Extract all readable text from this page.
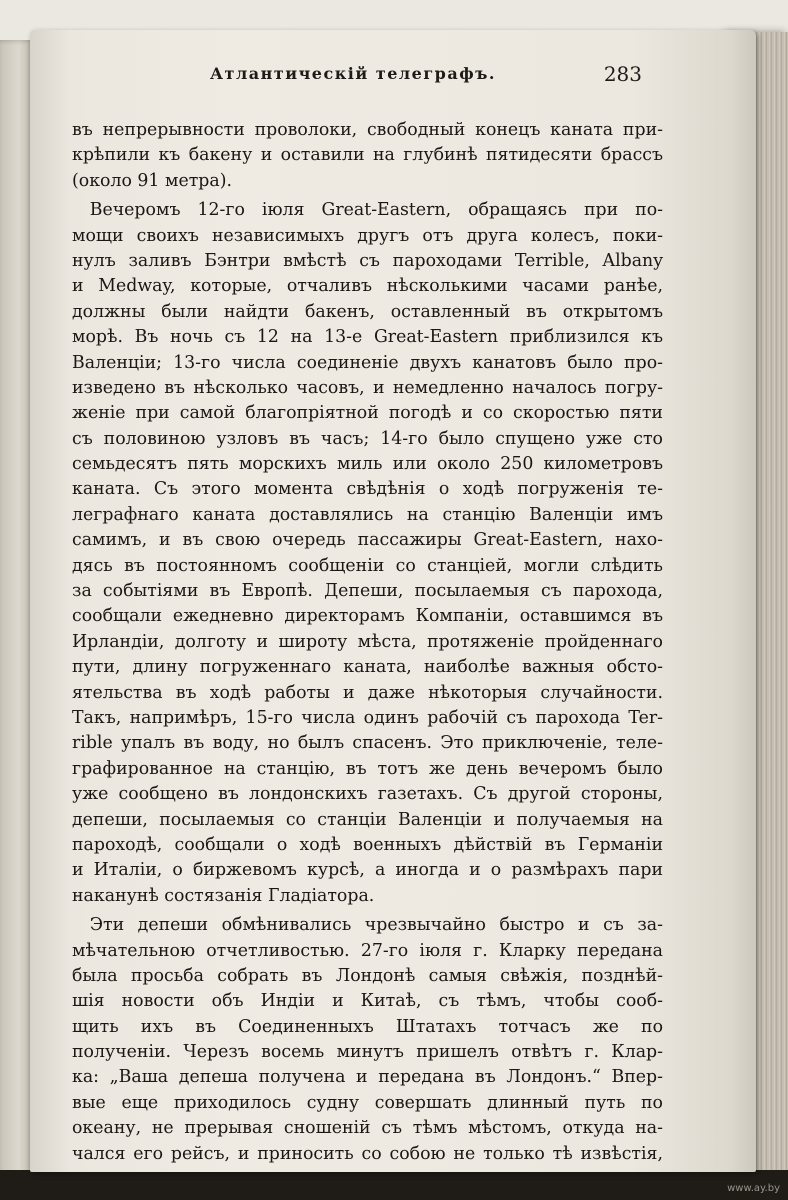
Атлантическій телеграфъ.	283
въ непрерывности проволоки, свободный конецъ каната при-
крѣпили къ бакену и оставили на глубинѣ пятидесяти брассъ
(около 91 метра).
Вечеромъ 12-го іюля Great-Eastern, обращаясь при по-
мощи своихъ независимыхъ другъ отъ друга колесъ, поки-
нулъ заливъ Бэнтри вмѣстѣ съ пароходами Terrible, Albany
и Medway, которые, отчаливъ нѣсколькими часами ранѣе,
должны были найдти бакенъ, оставленный въ открытомъ
морѣ. Въ ночь съ 12 на 13-е Great-Eastern приблизился къ
Валенціи; 13-го числа соединеніе двухъ канатовъ было про-
изведено въ нѣсколько часовъ, и немедленно началось погру-
женіе при самой благопріятной погодѣ и со скоростью пяти
съ половиною узловъ въ часъ; 14-го было спущено уже сто
семьдесятъ пять морскихъ миль или около 250 километровъ
каната. Съ этого момента свѣдѣнія о ходѣ погруженія те-
леграфнаго каната доставлялись на станцію Валенціи имъ
самимъ, и въ свою очередь пассажиры Great-Eastern, нахо-
дясь въ постоянномъ сообщеніи со станціей, могли слѣдить
за событіями въ Европѣ. Депеши, посылаемыя съ парохода,
сообщали ежедневно директорамъ Компаніи, оставшимся въ
Ирландіи, долготу и широту мѣста, протяженіе пройденнаго
пути, длину погруженнаго каната, наиболѣе важныя обсто-
ятельства въ ходѣ работы и даже нѣкоторыя случайности.
Такъ, напримѣръ, 15-го числа одинъ рабочій съ парохода Ter-
rible упалъ въ воду, но былъ спасенъ. Это приключеніе, теле-
графированное на станцію, въ тотъ же день вечеромъ было
уже сообщено въ лондонскихъ газетахъ. Съ другой стороны,
депеши, посылаемыя со станціи Валенціи и получаемыя на
пароходѣ, сообщали о ходѣ военныхъ дѣйствій въ Германіи
и Италіи, о биржевомъ курсѣ, а иногда и о размѣрахъ пари
наканунѣ состязанія Гладіатора.
Эти депеши обмѣнивались чрезвычайно быстро и съ за-
мѣчательною отчетливостью. 27-го іюля г. Кларку передана
была просьба собрать въ Лондонѣ самыя свѣжія, позднѣй-
шія новости объ Индіи и Китаѣ, съ тѣмъ, чтобы сооб-
щить ихъ въ Соединенныхъ Штатахъ тотчасъ же по
полученіи. Черезъ восемь минутъ пришелъ отвѣтъ г. Клар-
ка: „Ваша депеша получена и передана въ Лондонъ.“ Впер-
вые еще приходилось судну совершать длинный путь по
океану, не прерывая сношеній съ тѣмъ мѣстомъ, откуда на-
чался его рейсъ, и приносить со собою не только тѣ извѣстія,
www.ay.by
